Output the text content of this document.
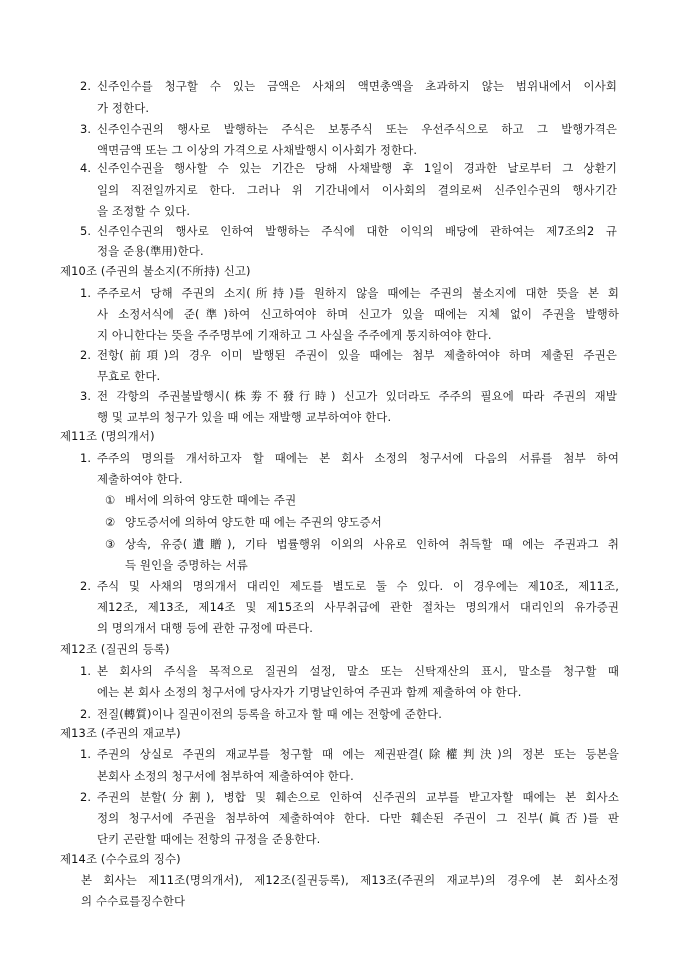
2. 신주인수를 청구할 수 있는 금액은 사채의 액면총액을 초과하지 않는 범위내에서 이사회
가 정한다.
3. 신주인수권의 행사로 발행하는 주식은 보통주식 또는 우선주식으로 하고 그 발행가격은
액면금액 또는 그 이상의 가격으로 사채발행시 이사회가 정한다.
4. 신주인수권을 행사할 수 있는 기간은 당해 사채발행 후 1일이 경과한 날로부터 그 상환기
일의 직전일까지로 한다. 그러나 위 기간내에서 이사회의 결의로써 신주인수권의 행사기간
을 조정할 수 있다.
5. 신주인수권의 행사로 인하여 발행하는 주식에 대한 이익의 배당에 관하여는 제7조의2 규
정을 준용(準用)한다.
제10조 (주권의 불소지(不所持) 신고)
1. 주주로서 당해 주권의 소지(所持)를 원하지 않을 때에는 주권의 불소지에 대한 뜻을 본 회
사 소정서식에 준(準)하여 신고하여야 하며 신고가 있을 때에는 지체 없이 주권을 발행하
지 아니한다는 뜻을 주주명부에 기재하고 그 사실을 주주에게 통지하여야 한다.
2. 전항(前項)의 경우 이미 발행된 주권이 있을 때에는 첨부 제출하여야 하며 제출된 주권은
무효로 한다.
3. 전 각항의 주권불발행시(株劵不發行時) 신고가 있더라도 주주의 필요에 따라 주권의 재발
행 및 교부의 청구가 있을 때 에는 재발행 교부하여야 한다.
제11조 (명의개서)
1. 주주의 명의를 개서하고자 할 때에는 본 회사 소정의 청구서에 다음의 서류를 첨부 하여
제출하여야 한다.
① 배서에 의하여 양도한 때에는 주권
② 양도증서에 의하여 양도한 때 에는 주권의 양도증서
③ 상속, 유증(遺贈), 기타 법률행위 이외의 사유로 인하여 취득할 때 에는 주권과그 취
득 원인을 증명하는 서류
2. 주식 및 사채의 명의개서 대리인 제도를 별도로 둘 수 있다. 이 경우에는 제10조, 제11조,
제12조, 제13조, 제14조 및 제15조의 사무취급에 관한 절차는 명의개서 대리인의 유가증권
의 명의개서 대행 등에 관한 규정에 따른다.
제12조 (질권의 등록)
1. 본 회사의 주식을 목적으로 질권의 설정, 말소 또는 신탁재산의 표시, 말소를 청구할 때
에는 본 회사 소정의 청구서에 당사자가 기명날인하여 주권과 함께 제출하여 야 한다.
2. 전질(轉質)이나 질권이전의 등록을 하고자 할 때 에는 전항에 준한다.
제13조 (주권의 재교부)
1. 주권의 상실로 주권의 재교부를 청구할 때 에는 제권판결(除權判決)의 정본 또는 등본을
본회사 소정의 청구서에 첨부하여 제출하여야 한다.
2. 주권의 분할(分割), 병합 및 훼손으로 인하여 신주권의 교부를 받고자할 때에는 본 회사소
정의 청구서에 주권을 첨부하여 제출하여야 한다. 다만 훼손된 주권이 그 진부(眞否)를 판
단키 곤란할 때에는 전항의 규정을 준용한다.
제14조 (수수료의 징수)
본 회사는 제11조(명의개서), 제12조(질권등록), 제13조(주권의 재교부)의 경우에 본 회사소정
의 수수료를징수한다
